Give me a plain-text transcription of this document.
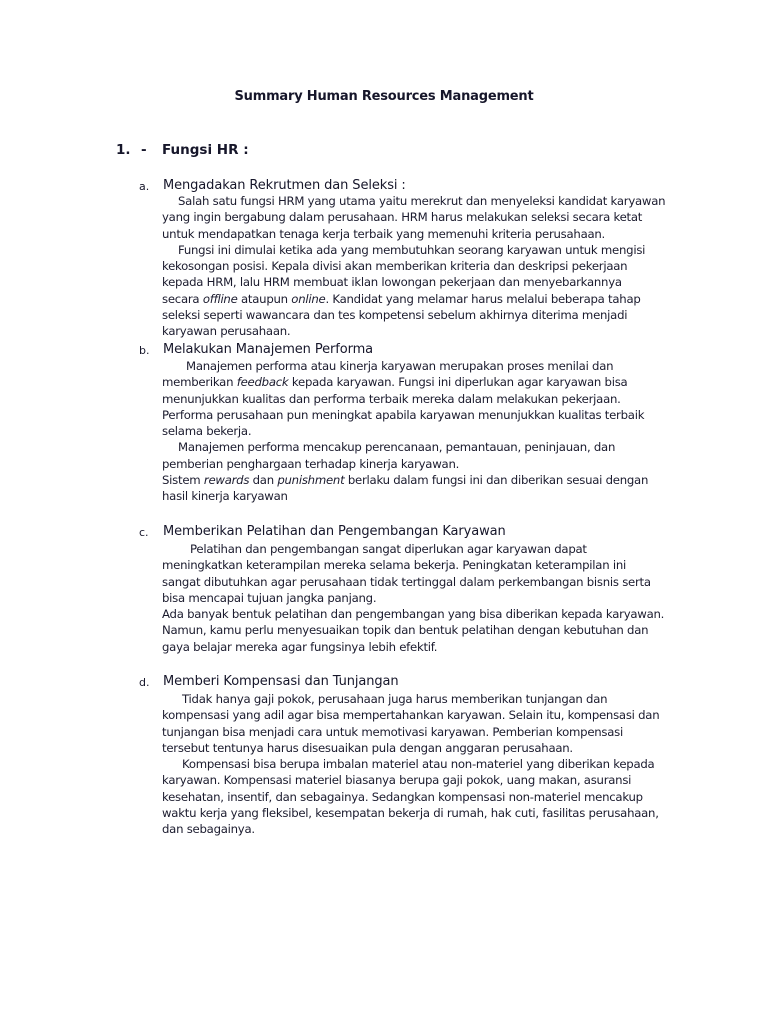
Summary Human Resources Management
1. - Fungsi HR :
a. Mengadakan Rekrutmen dan Seleksi :
Salah satu fungsi HRM yang utama yaitu merekrut dan menyeleksi kandidat karyawan
yang ingin bergabung dalam perusahaan. HRM harus melakukan seleksi secara ketat
untuk mendapatkan tenaga kerja terbaik yang memenuhi kriteria perusahaan.
Fungsi ini dimulai ketika ada yang membutuhkan seorang karyawan untuk mengisi
kekosongan posisi. Kepala divisi akan memberikan kriteria dan deskripsi pekerjaan
kepada HRM, lalu HRM membuat iklan lowongan pekerjaan dan menyebarkannya
secara offline ataupun online. Kandidat yang melamar harus melalui beberapa tahap
seleksi seperti wawancara dan tes kompetensi sebelum akhirnya diterima menjadi
karyawan perusahaan.
b. Melakukan Manajemen Performa
Manajemen performa atau kinerja karyawan merupakan proses menilai dan
memberikan feedback kepada karyawan. Fungsi ini diperlukan agar karyawan bisa
menunjukkan kualitas dan performa terbaik mereka dalam melakukan pekerjaan.
Performa perusahaan pun meningkat apabila karyawan menunjukkan kualitas terbaik
selama bekerja.
Manajemen performa mencakup perencanaan, pemantauan, peninjauan, dan
pemberian penghargaan terhadap kinerja karyawan.
Sistem rewards dan punishment berlaku dalam fungsi ini dan diberikan sesuai dengan
hasil kinerja karyawan
c. Memberikan Pelatihan dan Pengembangan Karyawan
Pelatihan dan pengembangan sangat diperlukan agar karyawan dapat
meningkatkan keterampilan mereka selama bekerja. Peningkatan keterampilan ini
sangat dibutuhkan agar perusahaan tidak tertinggal dalam perkembangan bisnis serta
bisa mencapai tujuan jangka panjang.
Ada banyak bentuk pelatihan dan pengembangan yang bisa diberikan kepada karyawan.
Namun, kamu perlu menyesuaikan topik dan bentuk pelatihan dengan kebutuhan dan
gaya belajar mereka agar fungsinya lebih efektif.
d. Memberi Kompensasi dan Tunjangan
Tidak hanya gaji pokok, perusahaan juga harus memberikan tunjangan dan
kompensasi yang adil agar bisa mempertahankan karyawan. Selain itu, kompensasi dan
tunjangan bisa menjadi cara untuk memotivasi karyawan. Pemberian kompensasi
tersebut tentunya harus disesuaikan pula dengan anggaran perusahaan.
Kompensasi bisa berupa imbalan materiel atau non-materiel yang diberikan kepada
karyawan. Kompensasi materiel biasanya berupa gaji pokok, uang makan, asuransi
kesehatan, insentif, dan sebagainya. Sedangkan kompensasi non-materiel mencakup
waktu kerja yang fleksibel, kesempatan bekerja di rumah, hak cuti, fasilitas perusahaan,
dan sebagainya.
